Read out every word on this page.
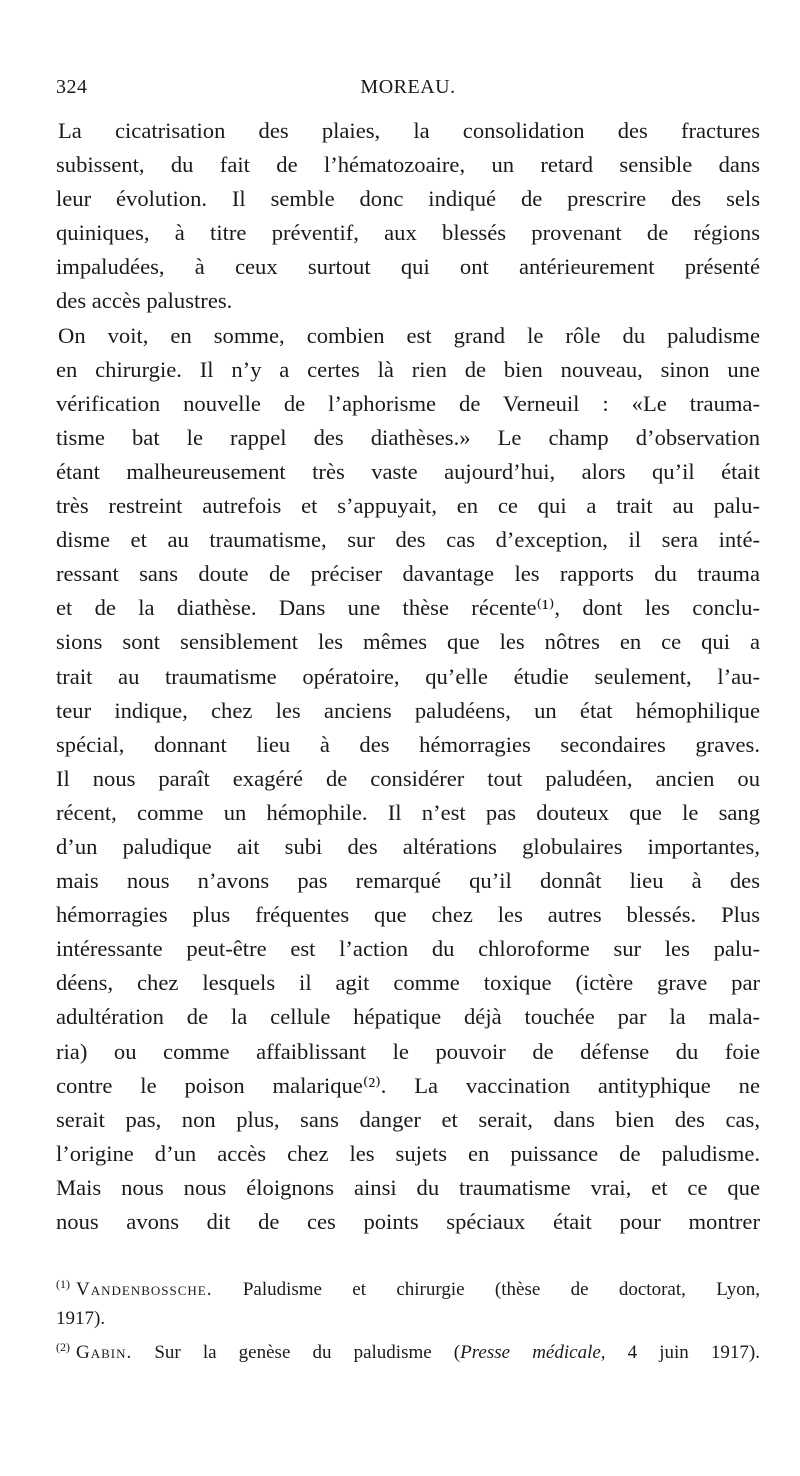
324	MOREAU.

La cicatrisation des plaies, la consolidation des fractures
subissent, du fait de l’hématozoaire, un retard sensible dans
leur évolution. Il semble donc indiqué de prescrire des sels
quiniques, à titre préventif, aux blessés provenant de régions
impaludées, à ceux surtout qui ont antérieurement présenté
des accès palustres.

On voit, en somme, combien est grand le rôle du paludisme
en chirurgie. Il n’y a certes là rien de bien nouveau, sinon une
vérification nouvelle de l’aphorisme de Verneuil : «Le trauma-
tisme bat le rappel des diathèses.» Le champ d’observation
étant malheureusement très vaste aujourd’hui, alors qu’il était
très restreint autrefois et s’appuyait, en ce qui a trait au palu-
disme et au traumatisme, sur des cas d’exception, il sera inté-
ressant sans doute de préciser davantage les rapports du trauma
et de la diathèse. Dans une thèse récente⁽¹⁾, dont les conclu-
sions sont sensiblement les mêmes que les nôtres en ce qui a
trait au traumatisme opératoire, qu’elle étudie seulement, l’au-
teur indique, chez les anciens paludéens, un état hémophilique
spécial, donnant lieu à des hémorragies secondaires graves.
Il nous paraît exagéré de considérer tout paludéen, ancien ou
récent, comme un hémophile. Il n’est pas douteux que le sang
d’un paludique ait subi des altérations globulaires importantes,
mais nous n’avons pas remarqué qu’il donnât lieu à des
hémorragies plus fréquentes que chez les autres blessés. Plus
intéressante peut-être est l’action du chloroforme sur les palu-
déens, chez lesquels il agit comme toxique (ictère grave par
adultération de la cellule hépatique déjà touchée par la mala-
ria) ou comme affaiblissant le pouvoir de défense du foie
contre le poison malarique⁽²⁾. La vaccination antityphique ne
serait pas, non plus, sans danger et serait, dans bien des cas,
l’origine d’un accès chez les sujets en puissance de paludisme.
Mais nous nous éloignons ainsi du traumatisme vrai, et ce que
nous avons dit de ces points spéciaux était pour montrer

$^{(1)}$ Vandenbossche. Paludisme et chirurgie (thèse de doctorat, Lyon,
1917).
$^{(2)}$ Gabin. Sur la genèse du paludisme (Presse médicale, 4 juin 1917).
